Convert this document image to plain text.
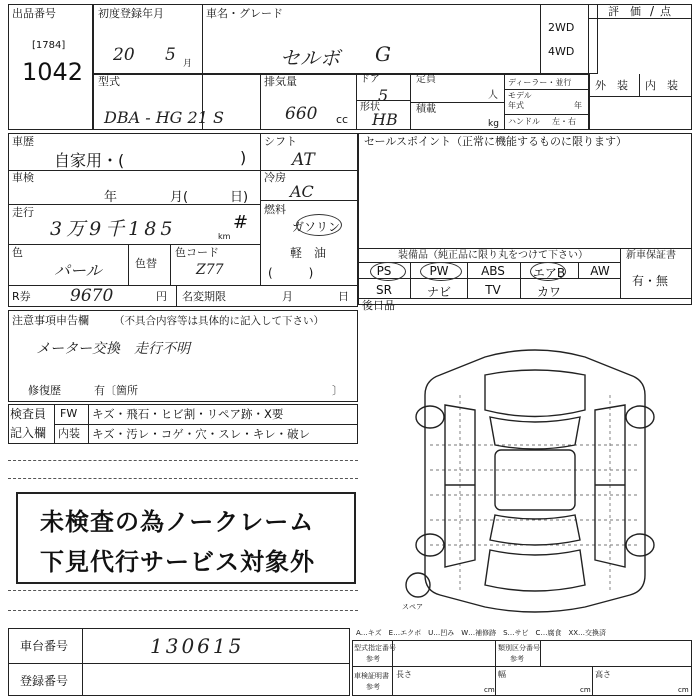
出品番号
[1784]
1042
初度登録年月
20 5 月
車名・グレード
セルボ G
2WD
4WD
評　価 / 点
型式
DBA - HG 21 S
排気量
660 cc
ドア
5
形状
HB
定員
人
積載
kg
ディーラー・並行
モデル
年式	年
ハンドル 左・右
外　装 内　装
車歴
自家用・(	)
シフト
AT
車検
年	月(	日)
冷房
AC
走行
3万9千185	km
#
燃料
ガソリン
軽　油
(　　　)
色
パール	色替
色コード
Z77
R券 9670	円 名変期限	月	日
セールスポイント（正常に機能するものに限ります）
装備品（純正品に限り丸をつけて下さい）	新車保証書
有・無
PS	PW	ABS	エアB	AW
SR	ナビ	TV	カワ
後日品
注意事項申告欄 （不具合内容等は具体的に記入して下さい）
メーター交換　走行不明
修復歴	有〔箇所	〕
検査員
記入欄
FW キズ・飛石・ヒビ割・リペア跡・X要
内装 キズ・汚レ・コゲ・穴・スレ・キレ・破レ
未検査の為ノークレーム
下見代行サービス対象外
スペア
車台番号	130615
登録番号
A…キズ　E…エクボ　U…凹み　W…補修跡　S…サビ　C…腐食　XX…交換済
型式指定番号
参考
類別区分番号
参考
車検証明書
参考
長さ
cm
幅
cm
高さ
cm
